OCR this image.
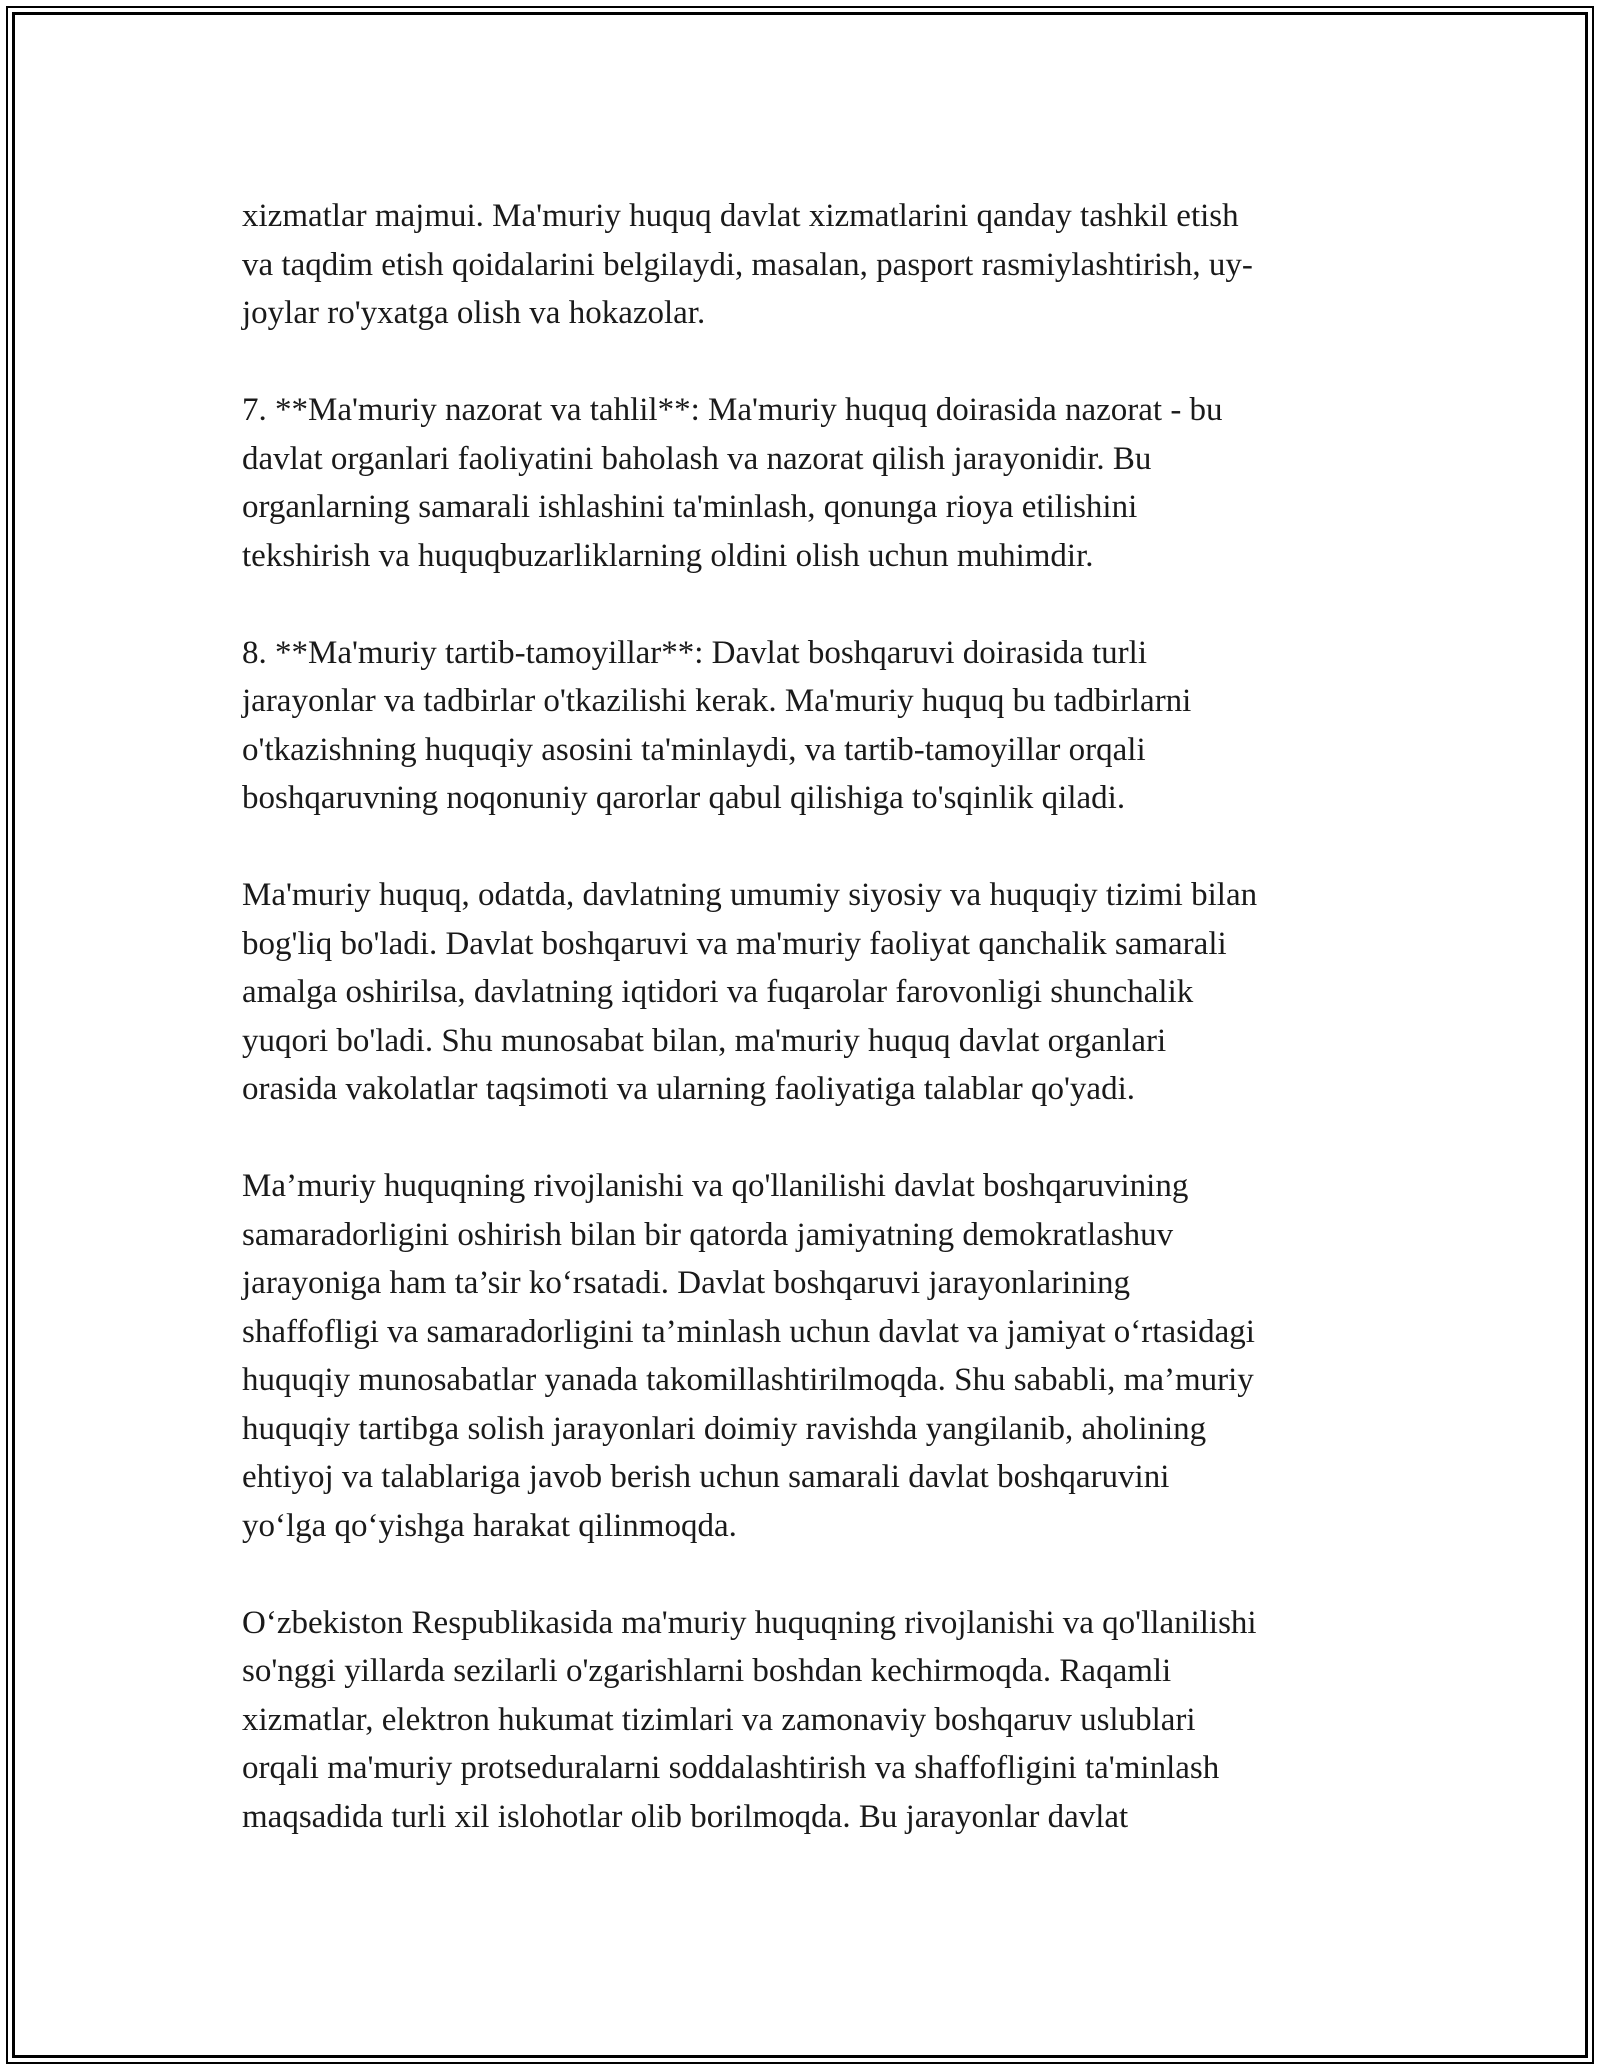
xizmatlar majmui. Ma'muriy huquq davlat xizmatlarini qanday tashkil etish
va taqdim etish qoidalarini belgilaydi, masalan, pasport rasmiylashtirish, uy-
joylar ro'yxatga olish va hokazolar.

7. **Ma'muriy nazorat va tahlil**: Ma'muriy huquq doirasida nazorat - bu
davlat organlari faoliyatini baholash va nazorat qilish jarayonidir. Bu
organlarning samarali ishlashini ta'minlash, qonunga rioya etilishini
tekshirish va huquqbuzarliklarning oldini olish uchun muhimdir.

8. **Ma'muriy tartib-tamoyillar**: Davlat boshqaruvi doirasida turli
jarayonlar va tadbirlar o'tkazilishi kerak. Ma'muriy huquq bu tadbirlarni
o'tkazishning huquqiy asosini ta'minlaydi, va tartib-tamoyillar orqali
boshqaruvning noqonuniy qarorlar qabul qilishiga to'sqinlik qiladi.

Ma'muriy huquq, odatda, davlatning umumiy siyosiy va huquqiy tizimi bilan
bog'liq bo'ladi. Davlat boshqaruvi va ma'muriy faoliyat qanchalik samarali
amalga oshirilsa, davlatning iqtidori va fuqarolar farovonligi shunchalik
yuqori bo'ladi. Shu munosabat bilan, ma'muriy huquq davlat organlari
orasida vakolatlar taqsimoti va ularning faoliyatiga talablar qo'yadi.

Ma’muriy huquqning rivojlanishi va qo'llanilishi davlat boshqaruvining
samaradorligini oshirish bilan bir qatorda jamiyatning demokratlashuv
jarayoniga ham ta’sir ko‘rsatadi. Davlat boshqaruvi jarayonlarining
shaffofligi va samaradorligini ta’minlash uchun davlat va jamiyat o‘rtasidagi
huquqiy munosabatlar yanada takomillashtirilmoqda. Shu sababli, ma’muriy
huquqiy tartibga solish jarayonlari doimiy ravishda yangilanib, aholining
ehtiyoj va talablariga javob berish uchun samarali davlat boshqaruvini
yo‘lga qo‘yishga harakat qilinmoqda.

O‘zbekiston Respublikasida ma'muriy huquqning rivojlanishi va qo'llanilishi
so'nggi yillarda sezilarli o'zgarishlarni boshdan kechirmoqda. Raqamli
xizmatlar, elektron hukumat tizimlari va zamonaviy boshqaruv uslublari
orqali ma'muriy protseduralarni soddalashtirish va shaffofligini ta'minlash
maqsadida turli xil islohotlar olib borilmoqda. Bu jarayonlar davlat
